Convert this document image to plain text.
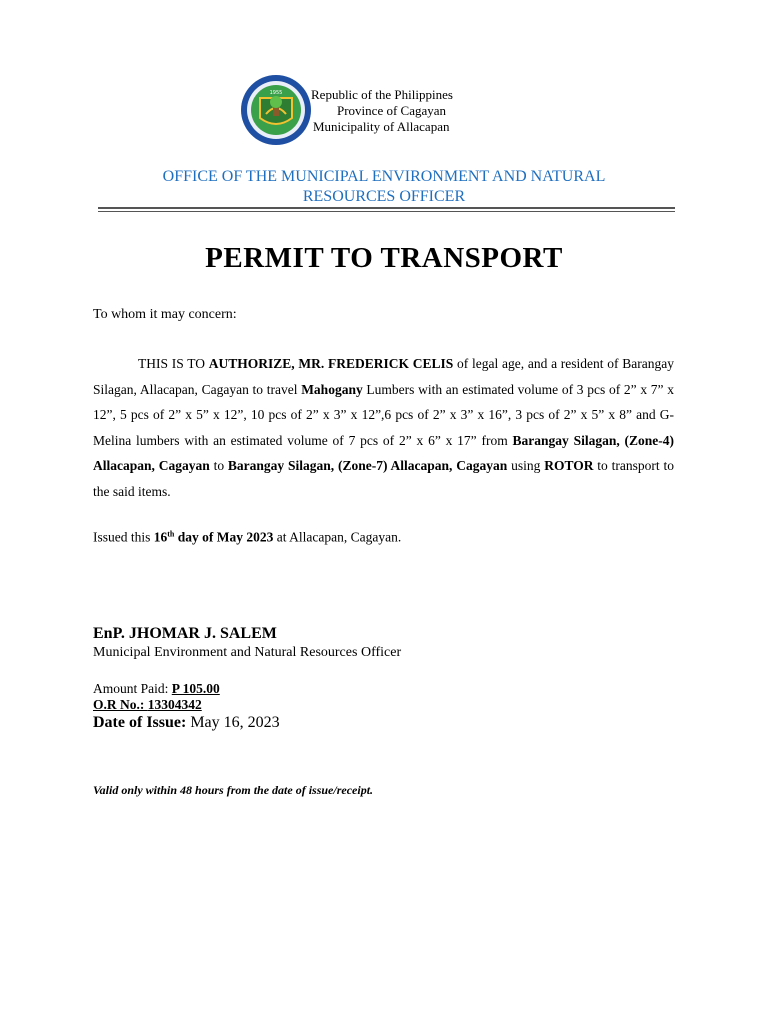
1955 Republic of the Philippines
Province of Cagayan
Municipality of Allacapan
OFFICE OF THE MUNICIPAL ENVIRONMENT AND NATURAL
RESOURCES OFFICER
PERMIT TO TRANSPORT
To whom it may concern:
THIS IS TO AUTHORIZE, MR. FREDERICK CELIS of legal age, and a resident of Barangay Silagan, Allacapan, Cagayan to travel Mahogany Lumbers with an estimated volume of 3 pcs of 2” x 7” x 12”, 5 pcs of 2” x 5” x 12”, 10 pcs of 2” x 3” x 12”,6 pcs of 2” x 3” x 16”, 3 pcs of 2” x 5” x 8” and G- Melina lumbers with an estimated volume of 7 pcs of 2” x 6” x 17” from Barangay Silagan, (Zone-4) Allacapan, Cagayan to Barangay Silagan, (Zone-7) Allacapan, Cagayan using ROTOR to transport to the said items.
Issued this 16th day of May 2023 at Allacapan, Cagayan.
EnP. JHOMAR J. SALEM
Municipal Environment and Natural Resources Officer
Amount Paid: P 105.00
O.R No.: 13304342
Date of Issue: May 16, 2023
Valid only within 48 hours from the date of issue/receipt.
